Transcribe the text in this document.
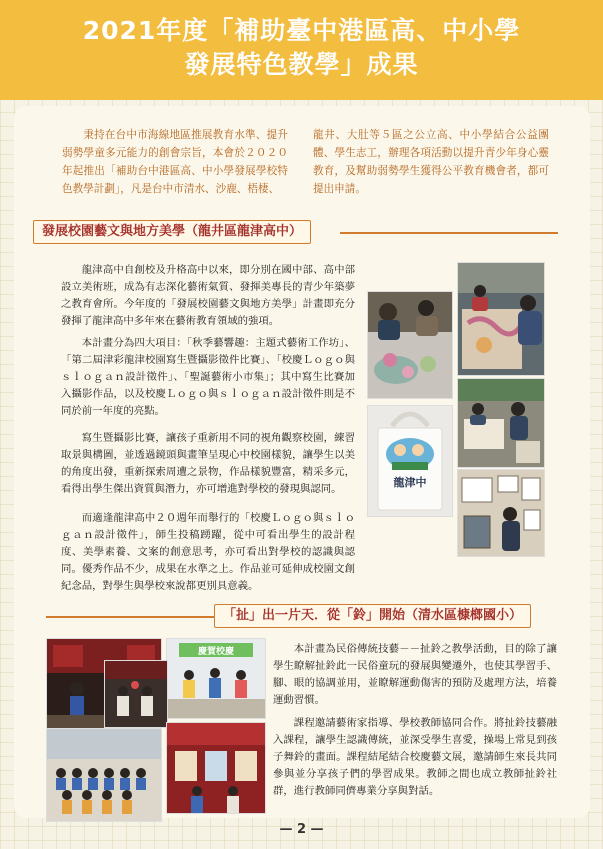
2021年度「補助臺中港區高、中小學
發展特色教學」成果
秉持在台中市海線地區推展教育水準、提升弱勢學童多元能力的創會宗旨，本會於２０２０年起推出「補助台中港區高、中小學發展學校特色教學計劃」，凡是台中市清水、沙鹿、梧棲、
龍井、大肚等５區之公立高、中小學結合公益團體、學生志工，辦理各項活動以提升青少年身心靈教育，及幫助弱勢學生獲得公平教育機會者，都可提出申請。
發展校園藝文與地方美學（龍井區龍津高中）

龍津高中自創校及升格高中以來，即分別在國中部、高中部設立美術班，成為有志深化藝術氣質、發揮美專長的青少年築夢之教育會所。今年度的「發展校園藝文與地方美學」計畫即充分發揮了龍津高中多年來在藝術教育領域的強項。

本計畫分為四大項目：「秋季藝響趣：主題式藝術工作坊」、「第二屆津彩龍津校園寫生暨攝影徵件比賽」、「校慶Ｌｏｇｏ與ｓｌｏｇａｎ設計徵件」、「聖誕藝術小市集」；其中寫生比賽加入攝影作品，以及校慶Ｌｏｇｏ與ｓｌｏｇａｎ設計徵件則是不同於前一年度的亮點。

寫生暨攝影比賽，讓孩子重新用不同的視角觀察校園，練習取景與構圖，並透過鏡頭與畫筆呈現心中校園樣貌，讓學生以美的角度出發，重新探索周遭之景物，作品樣貌豐富，精采多元，看得出學生傑出資質與潛力，亦可增進對學校的發現與認同。

而適逢龍津高中２０週年而舉行的「校慶Ｌｏｇｏ與ｓｌｏｇａｎ設計徵件」，師生投稿踴躍，從中可看出學生的設計程度、美學素養、文案的創意思考，亦可看出對學校的認識與認同。優秀作品不少，成果在水準之上。作品並可延伸成校園文創紀念品，對學生與學校來說都更別具意義。

龍津中
「扯」出一片天．從「鈴」開始（清水區槺榔國小）
慶賀校慶	本計畫為民俗傳統技藝－－扯鈴之教學活動，目的除了讓學生瞭解扯鈴此一民俗童玩的發展與變遷外，也使其學習手、腳、眼的協調並用，並瞭解運動傷害的預防及處理方法，培養運動習慣。

課程邀請藝術家指導、學校教師協同合作。將扯鈴技藝融入課程，讓學生認識傳統，並深受學生喜愛，操場上常見到孩子舞鈴的畫面。課程結尾結合校慶藝文展，邀請師生來長共同參與並分享孩子們的學習成果。教師之間也成立教師扯鈴社群，進行教師同儕專業分享與對話。

— 2 —
